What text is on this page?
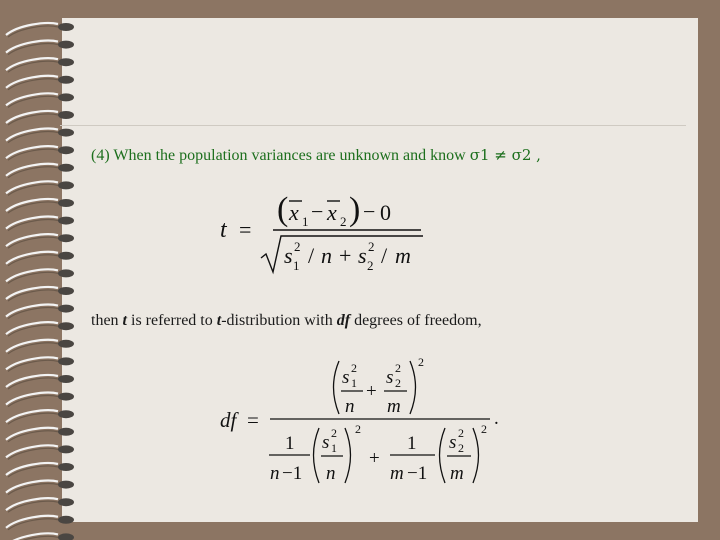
(4) When the population variances are unknown and know σ1 ≠ σ2 ,
t =
( x 1 − x 2 ) − 0
s 2
1 / n + s 2
2 / m
then t is referred to t-distribution with df degrees of freedom,
df =
s 2
1
n
+
s 2
2
m
2
.
1
n −1
s 2
1
n
2
+
1
m −1
s 2
2
m
2
